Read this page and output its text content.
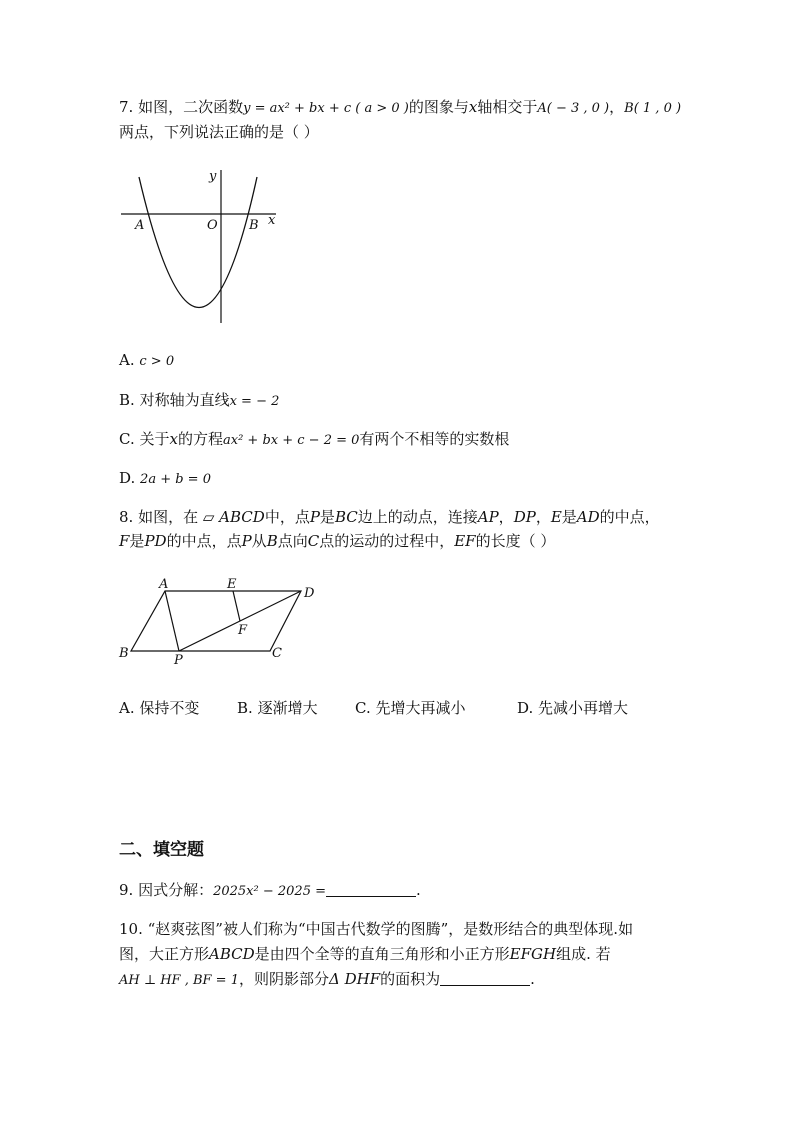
7. 如图，二次函数y = ax² + bx + c ( a > 0 )的图象与x轴相交于A( − 3 , 0 )，B( 1 , 0 )
两点，下列说法正确的是（ ）
y
x
A	O B
A. c > 0
B. 对称轴为直线x = − 2
C. 关于x的方程ax² + bx + c − 2 = 0有两个不相等的实数根
D. 2a + b = 0
8. 如图，在 ▱ ABCD中，点P是BC边上的动点，连接AP，DP，E是AD的中点，
F是PD的中点，点P从B点向C点的运动的过程中，EF的长度（ ）
A	E
D
F
B	P	C
A. 保持不变	B. 逐渐增大 C. 先增大再减小	D. 先减小再增大
二、填空题
9. 因式分解：2025x² − 2025 =	.
10. “赵爽弦图”被人们称为“中国古代数学的图腾”，是数形结合的典型体现.如
图，大正方形ABCD是由四个全等的直角三角形和小正方形EFGH组成. 若
AH ⊥ HF , BF = 1，则阴影部分Δ DHF的面积为	.
